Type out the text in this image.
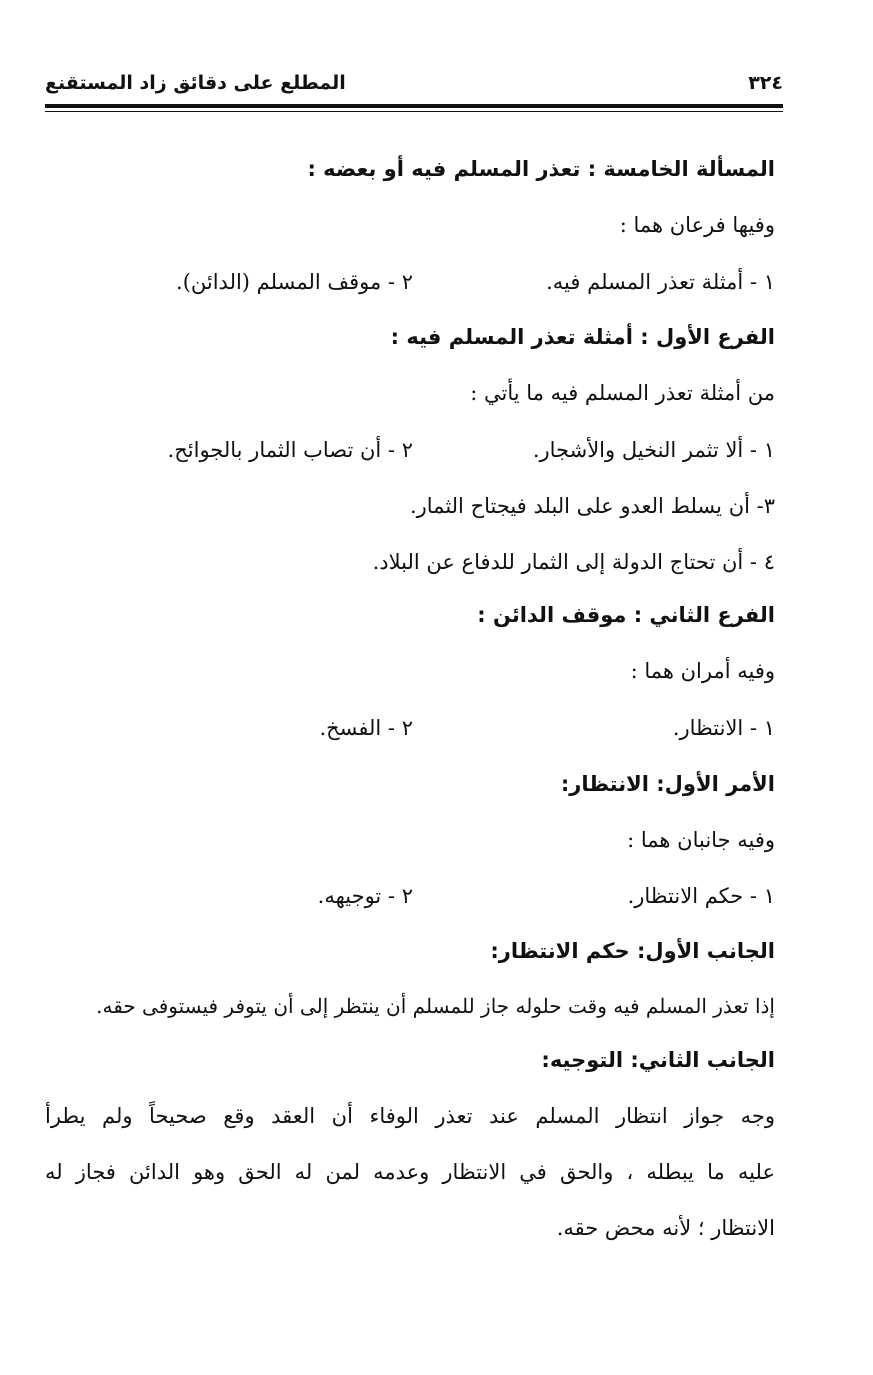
٣٢٤
المطلع على دقائق زاد المستقنع
المسألة الخامسة : تعذر المسلم فيه أو بعضه :
وفيها فرعان هما :
١ - أمثلة تعذر المسلم فيه.
٢ - موقف المسلم (الدائن).
الفرع الأول : أمثلة تعذر المسلم فيه :
من أمثلة تعذر المسلم فيه ما يأتي :
١ - ألا تثمر النخيل والأشجار.
٢ - أن تصاب الثمار بالجوائح.
٣- أن يسلط العدو على البلد فيجتاح الثمار.
٤ - أن تحتاج الدولة إلى الثمار للدفاع عن البلاد.
الفرع الثاني : موقف الدائن :
وفيه أمران هما :
١ - الانتظار.
٢ - الفسخ.
الأمر الأول: الانتظار:
وفيه جانبان هما :
١ - حكم الانتظار.
٢ - توجيهه.
الجانب الأول: حكم الانتظار:
إذا تعذر المسلم فيه وقت حلوله جاز للمسلم أن ينتظر إلى أن يتوفر فيستوفى حقه.
الجانب الثاني: التوجيه:
وجه جواز انتظار المسلم عند تعذر الوفاء أن العقد وقع صحيحاً ولم يطرأ
عليه ما يبطله ، والحق في الانتظار وعدمه لمن له الحق وهو الدائن فجاز له
الانتظار ؛ لأنه محض حقه.
